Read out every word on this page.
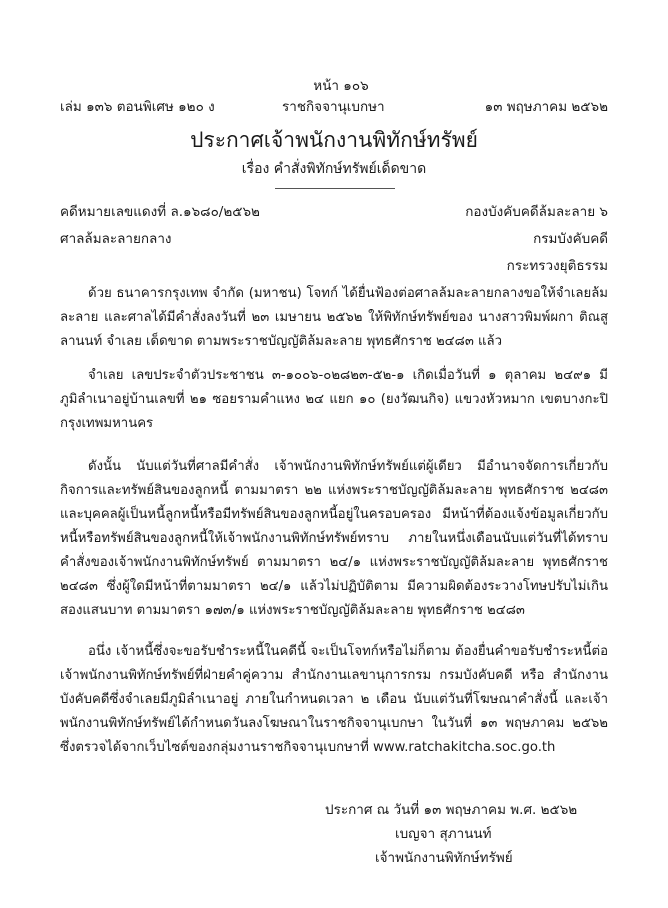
หน้า ๑๐๖
เล่ม ๑๓๖ ตอนพิเศษ ๑๒๐ ง	ราชกิจจานุเบกษา	๑๓ พฤษภาคม ๒๕๖๒
ประกาศเจ้าพนักงานพิทักษ์ทรัพย์
เรื่อง คำสั่งพิทักษ์ทรัพย์เด็ดขาด
คดีหมายเลขแดงที่ ล.๑๖๘๐/๒๕๖๒
ศาลล้มละลายกลาง
กองบังคับคดีล้มละลาย ๖
กรมบังคับคดี
กระทรวงยุติธรรม
ด้วย ธนาคารกรุงเทพ จำกัด (มหาชน) โจทก์ ได้ยื่นฟ้องต่อศาลล้มละลายกลางขอให้จำเลยล้มละลาย และศาลได้มีคำสั่งลงวันที่ ๒๓ เมษายน ๒๕๖๒ ให้พิทักษ์ทรัพย์ของ นางสาวพิมพ์ผกา ติณสูลานนท์ จำเลย เด็ดขาด ตามพระราชบัญญัติล้มละลาย พุทธศักราช ๒๔๘๓ แล้ว
จำเลย เลขประจำตัวประชาชน ๓-๑๐๐๖-๐๒๘๒๓-๕๒-๑ เกิดเมื่อวันที่ ๑ ตุลาคม ๒๔๙๑ มีภูมิลำเนาอยู่บ้านเลขที่ ๒๑ ซอยรามคำแหง ๒๔ แยก ๑๐ (ยงวัฒนกิจ) แขวงหัวหมาก เขตบางกะปิ กรุงเทพมหานคร
ดังนั้น นับแต่วันที่ศาลมีคำสั่ง เจ้าพนักงานพิทักษ์ทรัพย์แต่ผู้เดียว มีอำนาจจัดการเกี่ยวกับกิจการและทรัพย์สินของลูกหนี้ ตามมาตรา ๒๒ แห่งพระราชบัญญัติล้มละลาย พุทธศักราช ๒๔๘๓ และบุคคลผู้เป็นหนี้ลูกหนี้หรือมีทรัพย์สินของลูกหนี้อยู่ในครอบครอง มีหน้าที่ต้องแจ้งข้อมูลเกี่ยวกับหนี้หรือทรัพย์สินของลูกหนี้ให้เจ้าพนักงานพิทักษ์ทรัพย์ทราบ ภายในหนึ่งเดือนนับแต่วันที่ได้ทราบคำสั่งของเจ้าพนักงานพิทักษ์ทรัพย์ ตามมาตรา ๒๔/๑ แห่งพระราชบัญญัติล้มละลาย พุทธศักราช ๒๔๘๓ ซึ่งผู้ใดมีหน้าที่ตามมาตรา ๒๔/๑ แล้วไม่ปฏิบัติตาม มีความผิดต้องระวางโทษปรับไม่เกินสองแสนบาท ตามมาตรา ๑๗๓/๑ แห่งพระราชบัญญัติล้มละลาย พุทธศักราช ๒๔๘๓
อนึ่ง เจ้าหนี้ซึ่งจะขอรับชำระหนี้ในคดีนี้ จะเป็นโจทก์หรือไม่ก็ตาม ต้องยื่นคำขอรับชำระหนี้ต่อเจ้าพนักงานพิทักษ์ทรัพย์ที่ฝ่ายคำคู่ความ สำนักงานเลขานุการกรม กรมบังคับคดี หรือ สำนักงานบังคับคดีซึ่งจำเลยมีภูมิลำเนาอยู่ ภายในกำหนดเวลา ๒ เดือน นับแต่วันที่โฆษณาคำสั่งนี้ และเจ้าพนักงานพิทักษ์ทรัพย์ได้กำหนดวันลงโฆษณาในราชกิจจานุเบกษา ในวันที่ ๑๓ พฤษภาคม ๒๕๖๒ ซึ่งตรวจได้จากเว็บไซต์ของกลุ่มงานราชกิจจานุเบกษาที่ www.ratchakitcha.soc.go.th
ประกาศ ณ วันที่ ๑๓ พฤษภาคม พ.ศ. ๒๕๖๒
เบญจา สุภานนท์
เจ้าพนักงานพิทักษ์ทรัพย์
